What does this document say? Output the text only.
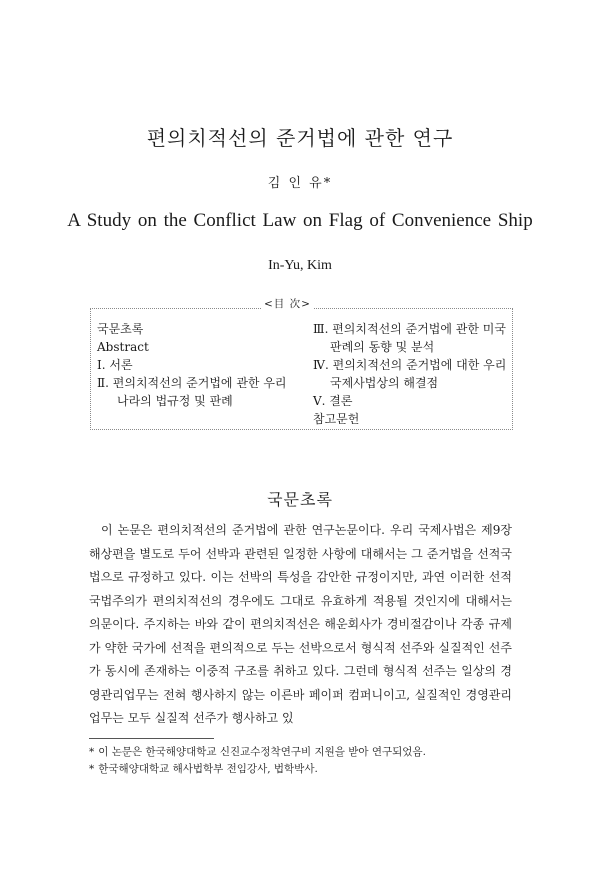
편의치적선의 준거법에 관한 연구
김 인 유*
A Study on the Conflict Law on Flag of Convenience Ship
In-Yu, Kim
<目 次>
국문초록
Abstract
Ⅰ. 서론
Ⅱ. 편의치적선의 준거법에 관한 우리
나라의 법규정 및 판례
Ⅲ. 편의치적선의 준거법에 관한 미국
판례의 동향 및 분석
Ⅳ. 편의치적선의 준거법에 대한 우리
국제사법상의 해결점
Ⅴ. 결론
참고문헌
국문초록

이 논문은 편의치적선의 준거법에 관한 연구논문이다. 우리 국제사법은 제9장 해상편을 별도로 두어 선박과 관련된 일정한 사항에 대해서는 그 준거법을 선적국법으로 규정하고 있다. 이는 선박의 특성을 감안한 규정이지만, 과연 이러한 선적국법주의가 편의치적선의 경우에도 그대로 유효하게 적용될 것인지에 대해서는 의문이다. 주지하는 바와 같이 편의치적선은 해운회사가 경비절감이나 각종 규제가 약한 국가에 선적을 편의적으로 두는 선박으로서 형식적 선주와 실질적인 선주가 동시에 존재하는 이중적 구조를 취하고 있다. 그런데 형식적 선주는 일상의 경영관리업무는 전혀 행사하지 않는 이른바 페이퍼 컴퍼니이고, 실질적인 경영관리업무는 모두 실질적 선주가 행사하고 있

* 이 논문은 한국해양대학교 신진교수정착연구비 지원을 받아 연구되었음.
* 한국해양대학교 해사법학부 전임강사, 법학박사.
